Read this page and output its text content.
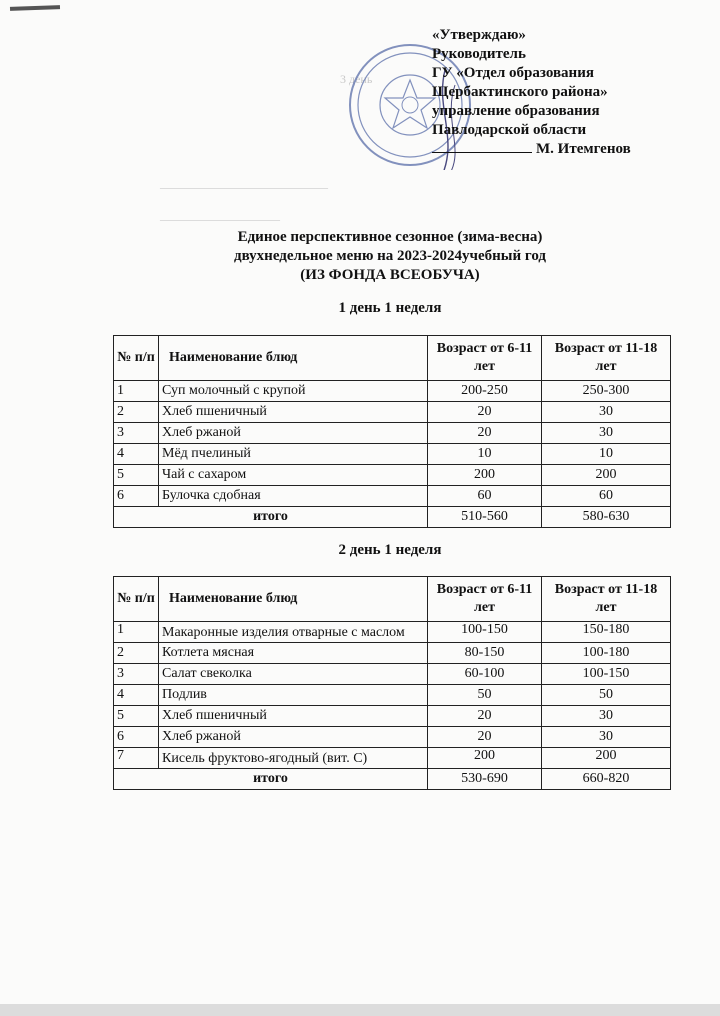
3 день
——————————————
——————————
«Утверждаю»
Руководитель
ГУ «Отдел образования
Щербактинского района»
управление образования
Павлодарской области
М. Итемгенов
Единое перспективное сезонное (зима-весна)
двухнедельное меню на 2023-2024учебный год
(ИЗ ФОНДА ВСЕОБУЧА)
1 день 1 неделя
№ п/п	Наименование блюд	Возраст от 6-11 лет	Возраст от 11-18 лет
1	Суп молочный с крупой	200-250	250-300
2	Хлеб пшеничный	20	30
3	Хлеб ржаной	20	30
4	Мёд пчелиный	10	10
5	Чай с сахаром	200	200
6	Булочка сдобная	60	60
итого		510-560	580-630
2 день 1 неделя
№ п/п	Наименование блюд	Возраст от 6-11 лет	Возраст от 11-18 лет
1	Макаронные изделия отварные с маслом	100-150	150-180
2	Котлета мясная	80-150	100-180
3	Салат свеколка	60-100	100-150
4	Подлив	50	50
5	Хлеб пшеничный	20	30
6	Хлеб ржаной	20	30
7	Кисель фруктово-ягодный (вит. С)	200	200
итого		530-690	660-820
